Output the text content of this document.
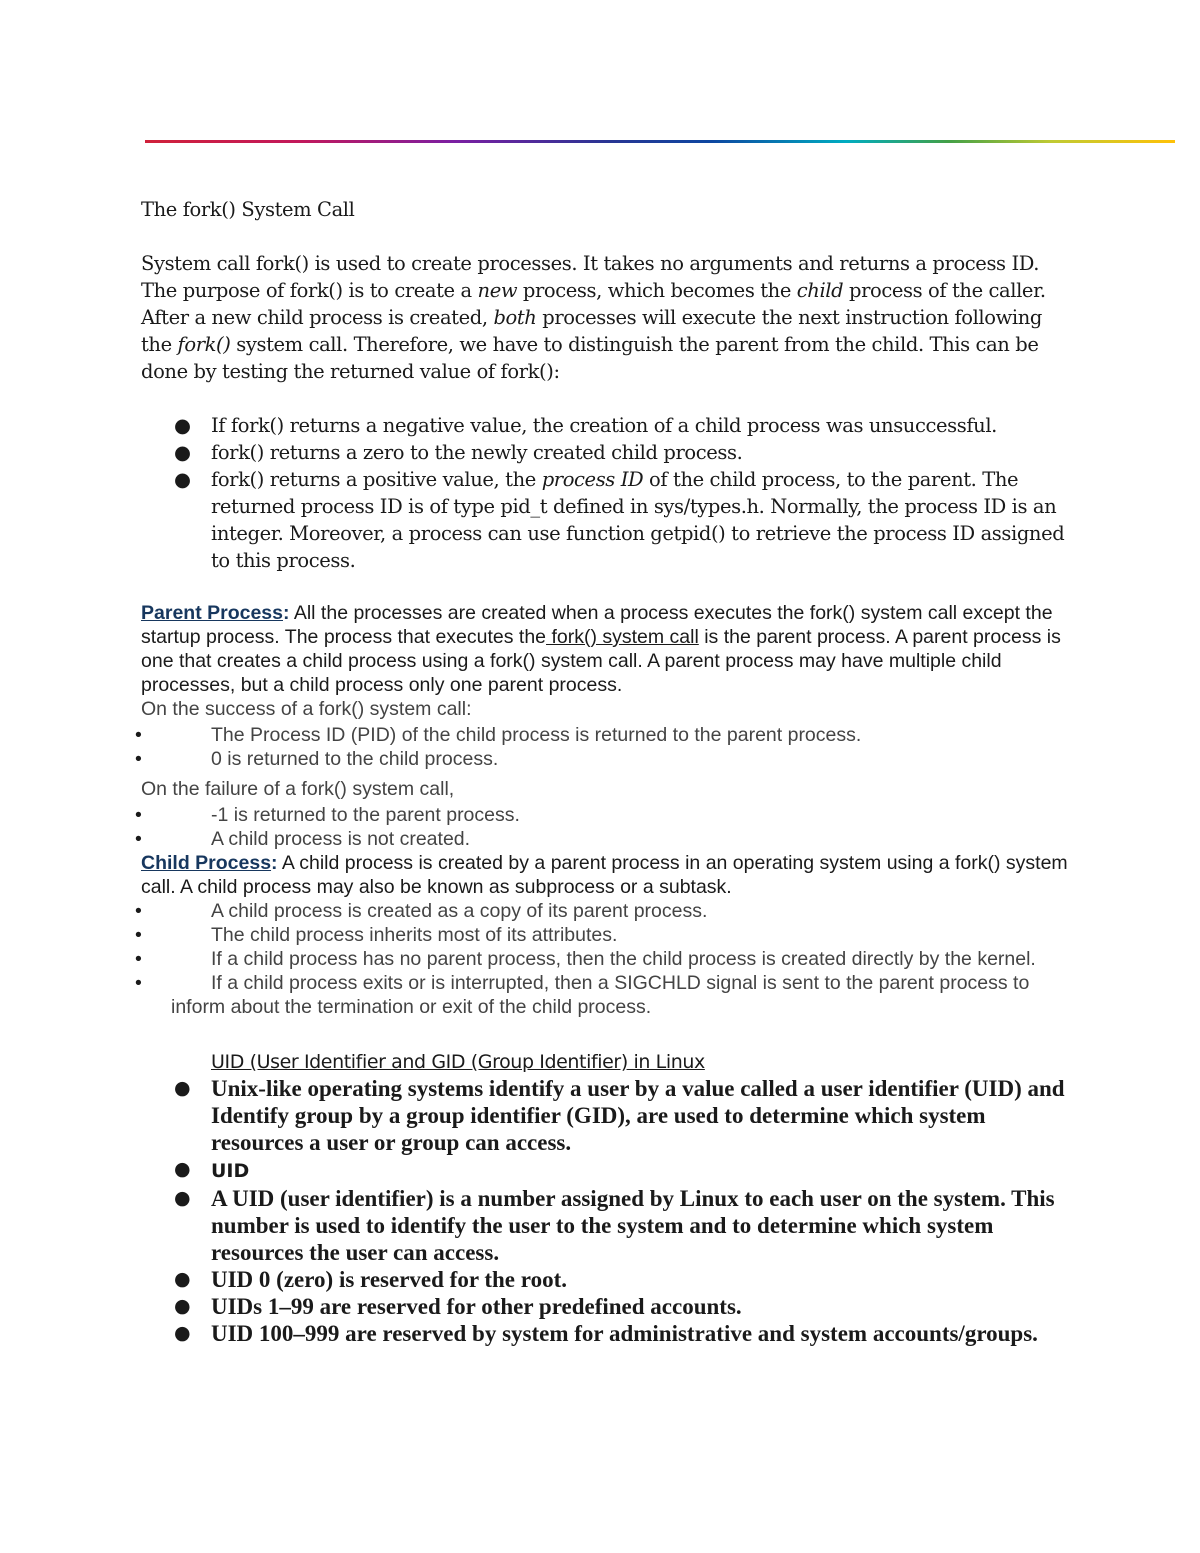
The fork() System Call

System call fork() is used to create processes. It takes no arguments and returns a process ID. The purpose of fork() is to create a new process, which becomes the child process of the caller. After a new child process is created, both processes will execute the next instruction following the fork() system call. Therefore, we have to distinguish the parent from the child. This can be done by testing the returned value of fork():

● If fork() returns a negative value, the creation of a child process was unsuccessful.
● fork() returns a zero to the newly created child process.
● fork() returns a positive value, the process ID of the child process, to the parent. The returned process ID is of type pid_t defined in sys/types.h. Normally, the process ID is an integer. Moreover, a process can use function getpid() to retrieve the process ID assigned to this process.

Parent Process: All the processes are created when a process executes the fork() system call except the startup process. The process that executes the fork() system call is the parent process. A parent process is one that creates a child process using a fork() system call. A parent process may have multiple child processes, but a child process only one parent process.

On the success of a fork() system call:

•	The Process ID (PID) of the child process is returned to the parent process.
•	0 is returned to the child process.

On the failure of a fork() system call,

•	-1 is returned to the parent process.
•	A child process is not created.

Child Process: A child process is created by a parent process in an operating system using a fork() system call. A child process may also be known as subprocess or a subtask.

•	A child process is created as a copy of its parent process.
•	The child process inherits most of its attributes.
•	If a child process has no parent process, then the child process is created directly by the kernel.
•	If a child process exits or is interrupted, then a SIGCHLD signal is sent to the parent process to inform about the termination or exit of the child process.

UID (User Identifier and GID (Group Identifier) in Linux

● Unix-like operating systems identify a user by a value called a user identifier (UID) and Identify group by a group identifier (GID), are used to determine which system resources a user or group can access.
● UID
● A UID (user identifier) is a number assigned by Linux to each user on the system. This number is used to identify the user to the system and to determine which system resources the user can access.
● UID 0 (zero) is reserved for the root.
● UIDs 1–99 are reserved for other predefined accounts.
● UID 100–999 are reserved by system for administrative and system accounts/groups.
